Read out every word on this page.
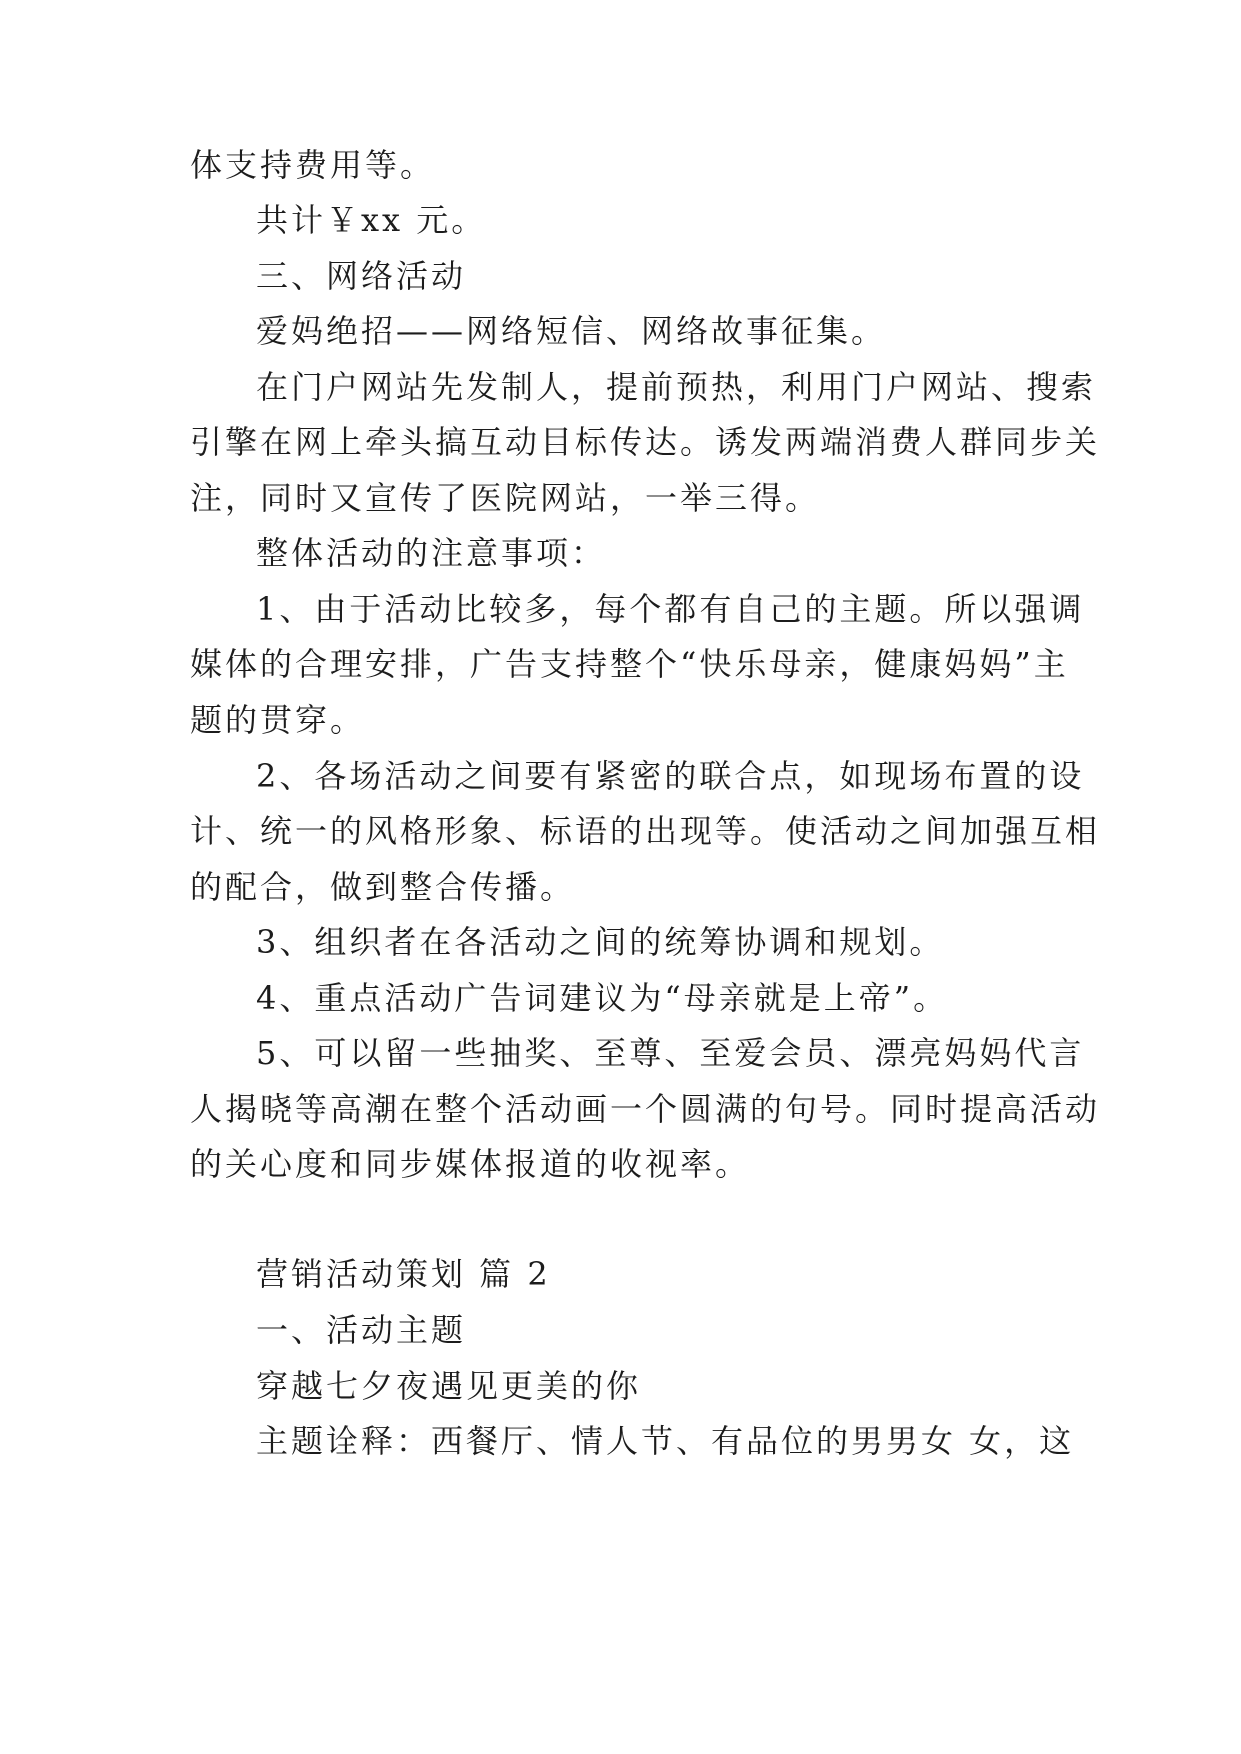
体支持费用等。

共计￥xx 元。

三、网络活动

爱妈绝招——网络短信、网络故事征集。

在门户网站先发制人，提前预热，利用门户网站、搜索

引擎在网上牵头搞互动目标传达。诱发两端消费人群同步关

注，同时又宣传了医院网站，一举三得。

整体活动的注意事项：

1、由于活动比较多，每个都有自己的主题。所以强调

媒体的合理安排，广告支持整个“快乐母亲，健康妈妈”主

题的贯穿。

2、各场活动之间要有紧密的联合点，如现场布置的设

计、统一的风格形象、标语的出现等。使活动之间加强互相

的配合，做到整合传播。

3、组织者在各活动之间的统筹协调和规划。

4、重点活动广告词建议为“母亲就是上帝”。

5、可以留一些抽奖、至尊、至爱会员、漂亮妈妈代言

人揭晓等高潮在整个活动画一个圆满的句号。同时提高活动

的关心度和同步媒体报道的收视率。

营销活动策划 篇 2

一、活动主题

穿越七夕夜遇见更美的你

主题诠释：西餐厅、情人节、有品位的男男女 女，这
